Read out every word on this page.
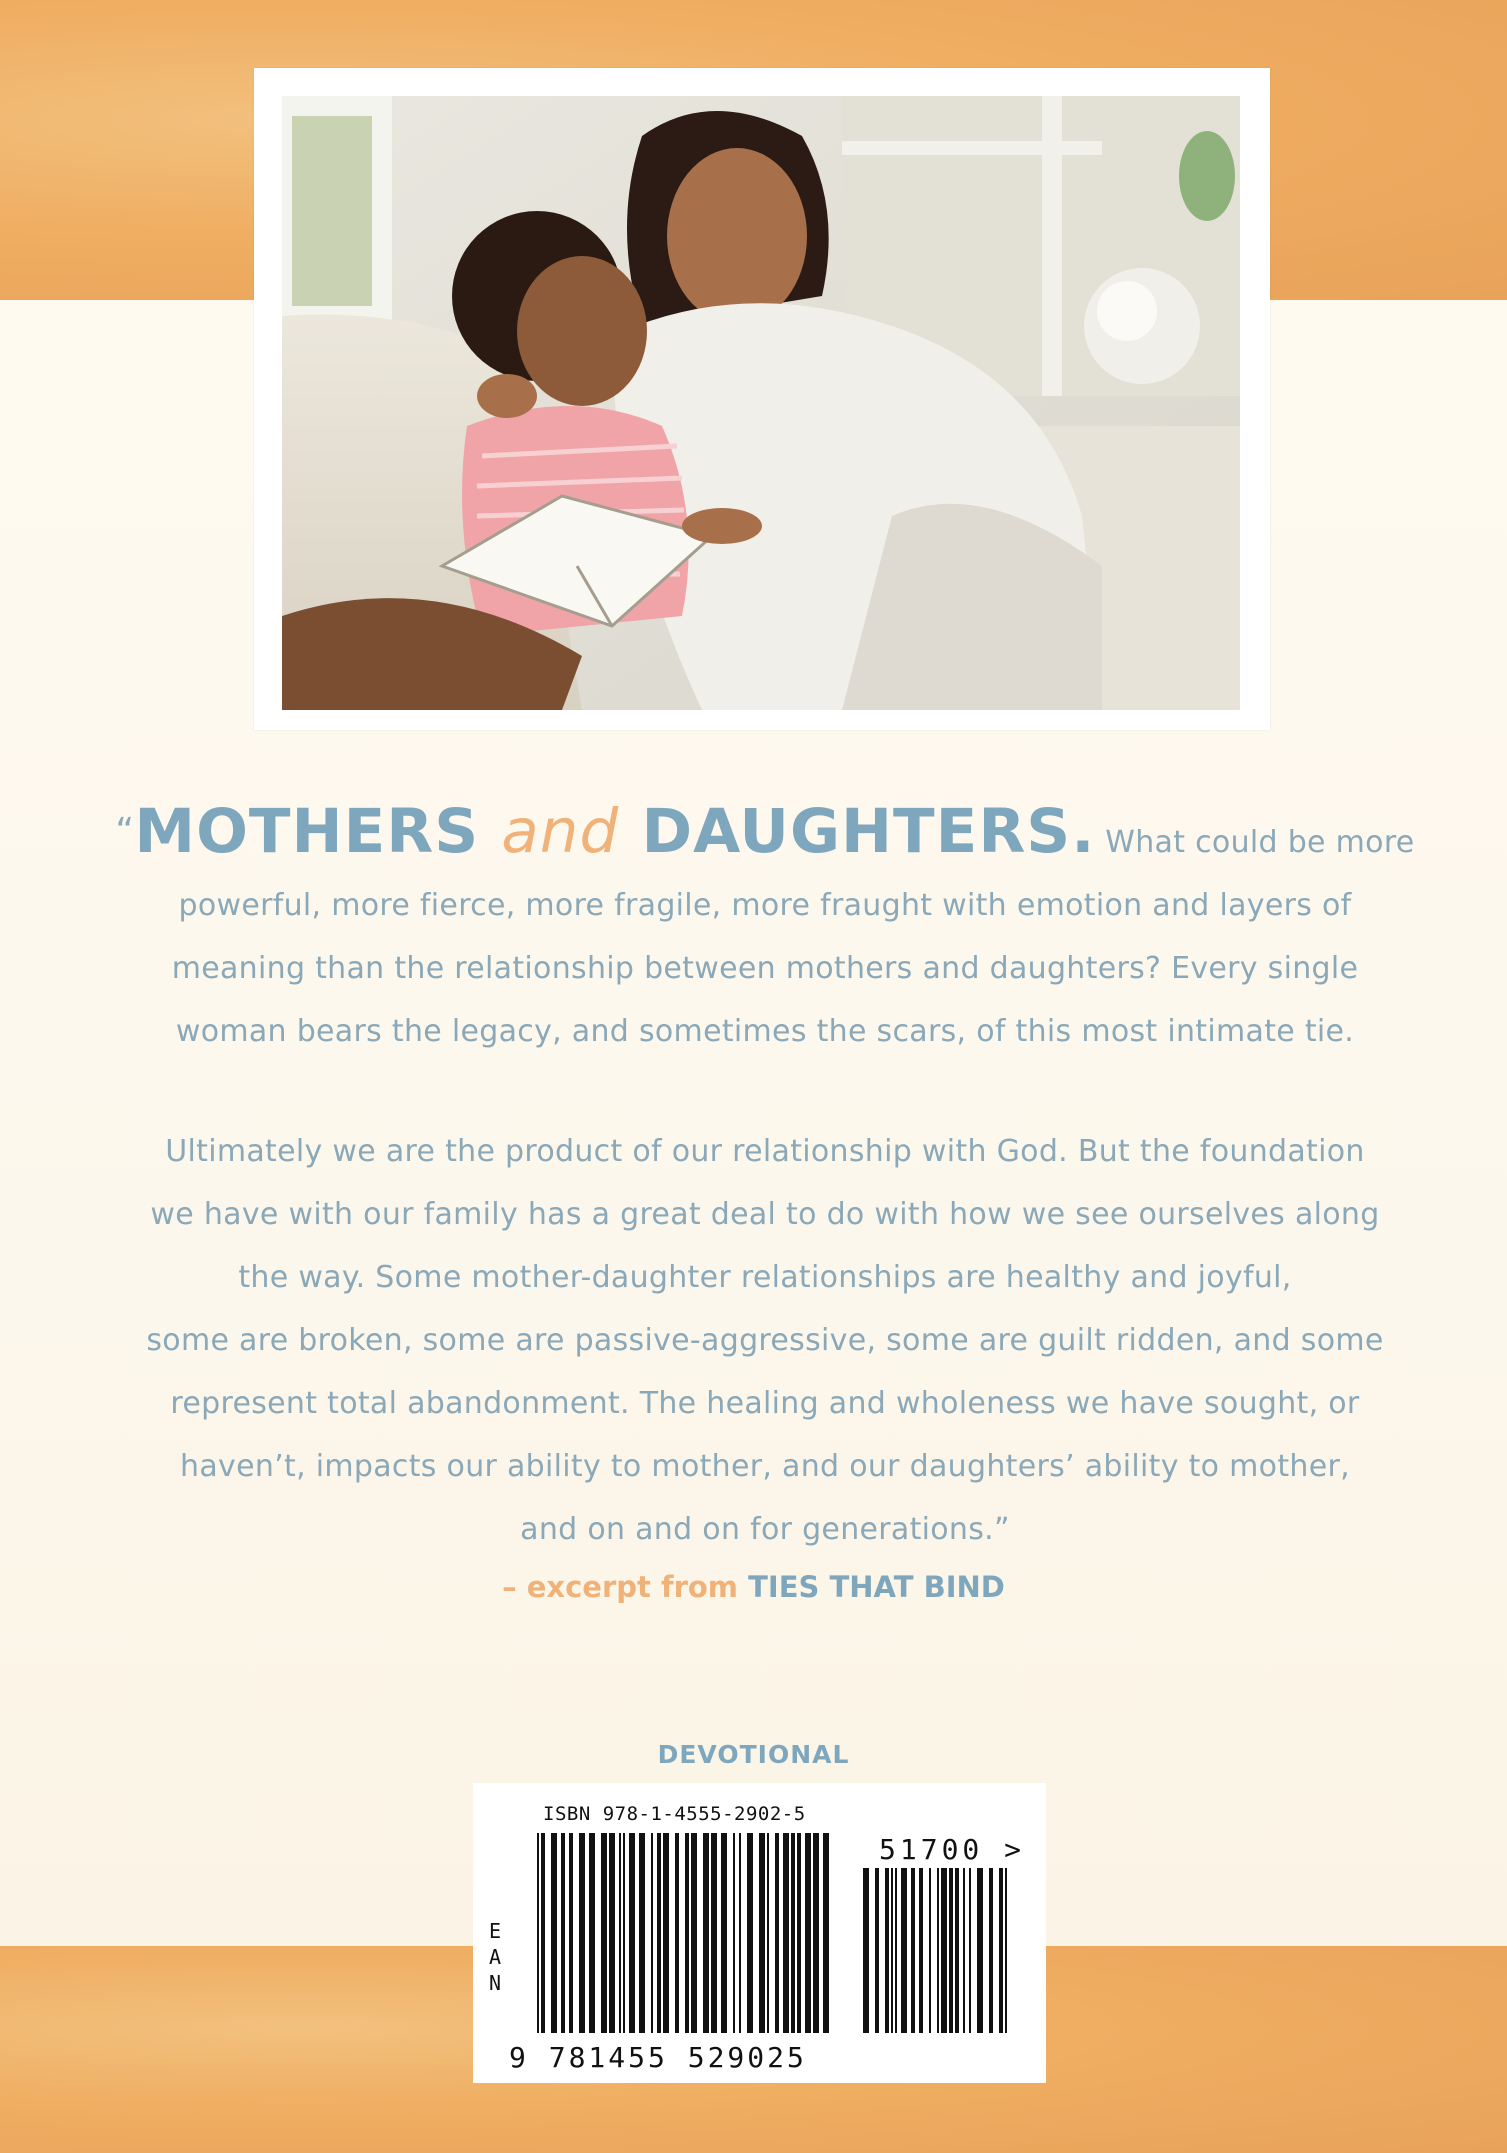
“MOTHERS and DAUGHTERS. What could be more
powerful, more fierce, more fragile, more fraught with emotion and layers of
meaning than the relationship between mothers and daughters? Every single
woman bears the legacy, and sometimes the scars, of this most intimate tie.
Ultimately we are the product of our relationship with God. But the foundation
we have with our family has a great deal to do with how we see ourselves along
the way. Some mother-daughter relationships are healthy and joyful,
some are broken, some are passive-aggressive, some are guilt ridden, and some
represent total abandonment. The healing and wholeness we have sought, or
haven’t, impacts our ability to mother, and our daughters’ ability to mother,
and on and on for generations.”
– excerpt from TIES THAT BIND
DEVOTIONAL
ISBN 978-1-4555-2902-5
E A N
51700 >
9 781455 529025
